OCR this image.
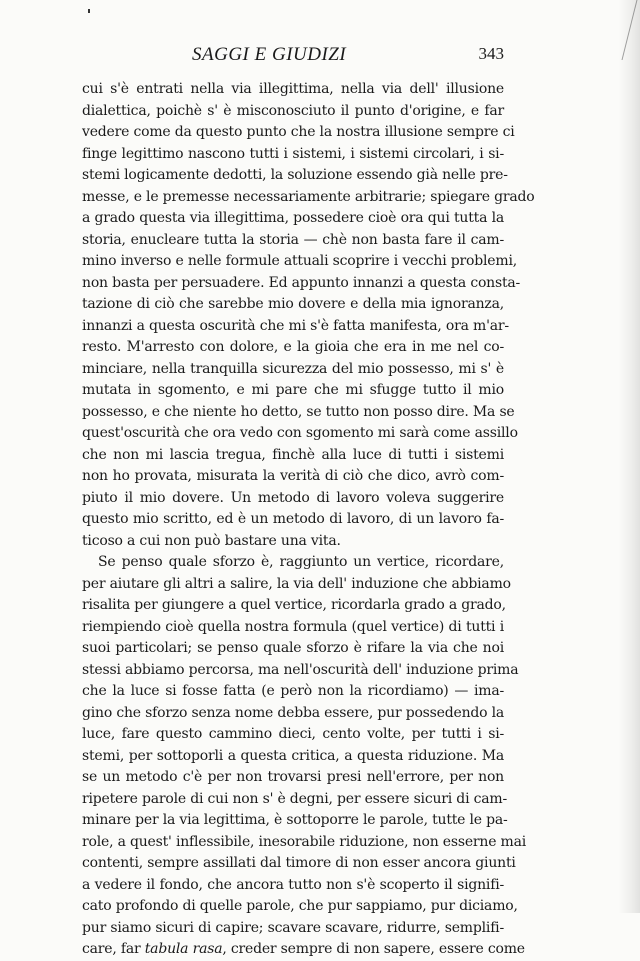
SAGGI E GIUDIZI	343
cui s'è entrati nella via illegittima, nella via dell' illusione
dialettica, poichè s' è misconosciuto il punto d'origine, e far
vedere come da questo punto che la nostra illusione sempre ci
finge legittimo nascono tutti i sistemi, i sistemi circolari, i si-
stemi logicamente dedotti, la soluzione essendo già nelle pre-
messe, e le premesse necessariamente arbitrarie; spiegare grado
a grado questa via illegittima, possedere cioè ora qui tutta la
storia, enucleare tutta la storia — chè non basta fare il cam-
mino inverso e nelle formule attuali scoprire i vecchi problemi,
non basta per persuadere. Ed appunto innanzi a questa consta-
tazione di ciò che sarebbe mio dovere e della mia ignoranza,
innanzi a questa oscurità che mi s'è fatta manifesta, ora m'ar-
resto. M'arresto con dolore, e la gioia che era in me nel co-
minciare, nella tranquilla sicurezza del mio possesso, mi s' è
mutata in sgomento, e mi pare che mi sfugge tutto il mio
possesso, e che niente ho detto, se tutto non posso dire. Ma se
quest'oscurità che ora vedo con sgomento mi sarà come assillo
che non mi lascia tregua, finchè alla luce di tutti i sistemi
non ho provata, misurata la verità di ciò che dico, avrò com-
piuto il mio dovere. Un metodo di lavoro voleva suggerire
questo mio scritto, ed è un metodo di lavoro, di un lavoro fa-
ticoso a cui non può bastare una vita.
Se penso quale sforzo è, raggiunto un vertice, ricordare,
per aiutare gli altri a salire, la via dell' induzione che abbiamo
risalita per giungere a quel vertice, ricordarla grado a grado,
riempiendo cioè quella nostra formula (quel vertice) di tutti i
suoi particolari; se penso quale sforzo è rifare la via che noi
stessi abbiamo percorsa, ma nell'oscurità dell' induzione prima
che la luce si fosse fatta (e però non la ricordiamo) — ima-
gino che sforzo senza nome debba essere, pur possedendo la
luce, fare questo cammino dieci, cento volte, per tutti i si-
stemi, per sottoporli a questa critica, a questa riduzione. Ma
se un metodo c'è per non trovarsi presi nell'errore, per non
ripetere parole di cui non s' è degni, per essere sicuri di cam-
minare per la via legittima, è sottoporre le parole, tutte le pa-
role, a quest' inflessibile, inesorabile riduzione, non esserne mai
contenti, sempre assillati dal timore di non esser ancora giunti
a vedere il fondo, che ancora tutto non s'è scoperto il signifi-
cato profondo di quelle parole, che pur sappiamo, pur diciamo,
pur siamo sicuri di capire; scavare scavare, ridurre, semplifi-
care, far tabula rasa, creder sempre di non sapere, essere come
